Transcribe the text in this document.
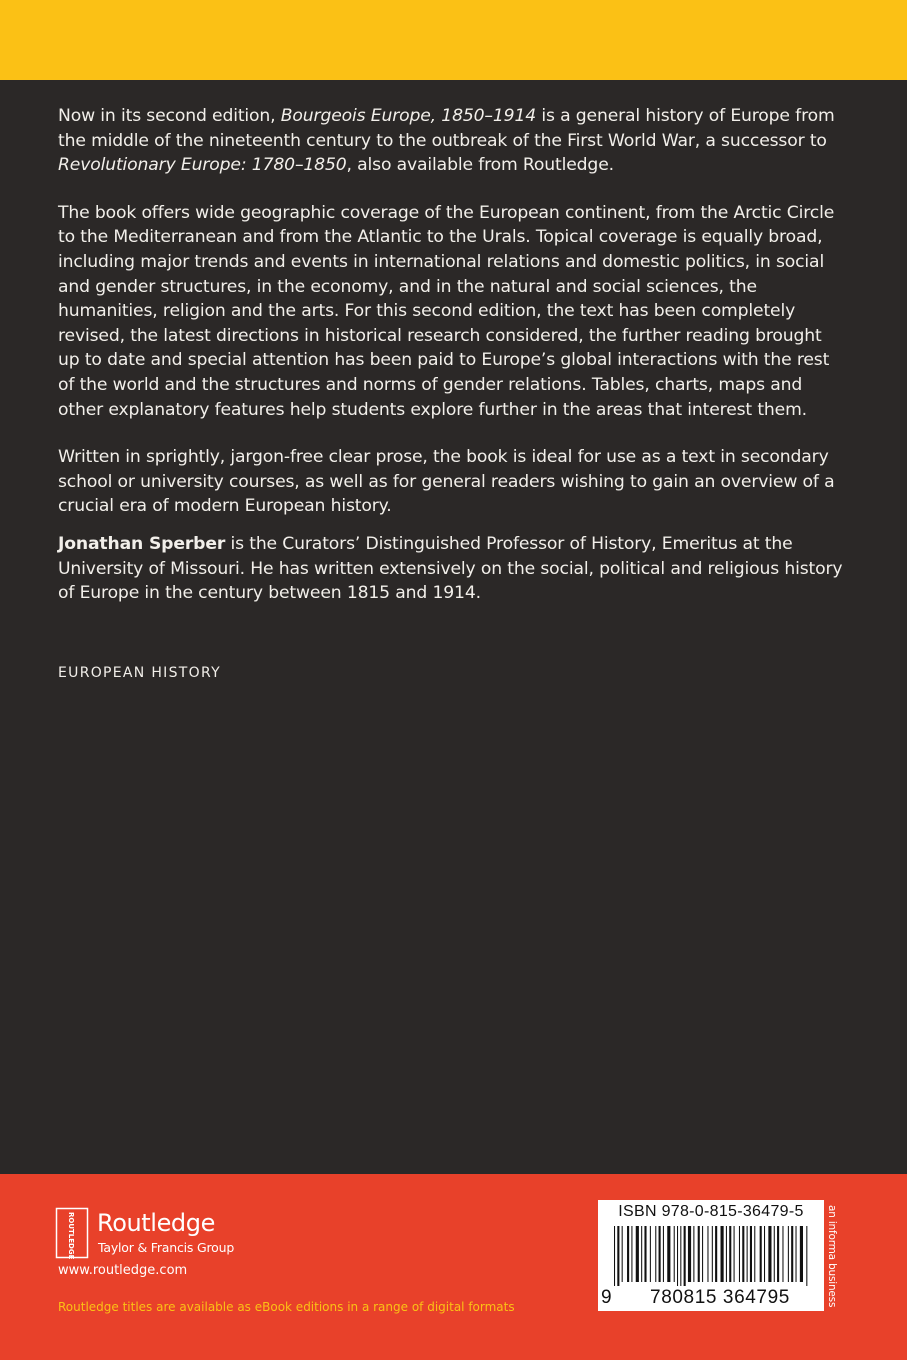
Now in its second edition, Bourgeois Europe, 1850–1914 is a general history of Europe from the middle of the nineteenth century to the outbreak of the First World War, a successor to Revolutionary Europe: 1780–1850, also available from Routledge.

The book offers wide geographic coverage of the European continent, from the Arctic Circle to the Mediterranean and from the Atlantic to the Urals. Topical coverage is equally broad, including major trends and events in international relations and domestic politics, in social and gender structures, in the economy, and in the natural and social sciences, the humanities, religion and the arts. For this second edition, the text has been completely revised, the latest directions in historical research considered, the further reading brought up to date and special attention has been paid to Europe’s global interactions with the rest of the world and the structures and norms of gender relations. Tables, charts, maps and other explanatory features help students explore further in the areas that interest them.

Written in sprightly, jargon-free clear prose, the book is ideal for use as a text in secondary school or university courses, as well as for general readers wishing to gain an overview of a crucial era of modern European history.

Jonathan Sperber is the Curators’ Distinguished Professor of History, Emeritus at the University of Missouri. He has written extensively on the social, political and religious history of Europe in the century between 1815 and 1914.

EUROPEAN HISTORY
ROUTLEDGE Routledge
Taylor & Francis Group
www.routledge.com
Routledge titles are available as eBook editions in a range of digital formats
ISBN 978-0-815-36479-5
9	780815 364795	an informa business
